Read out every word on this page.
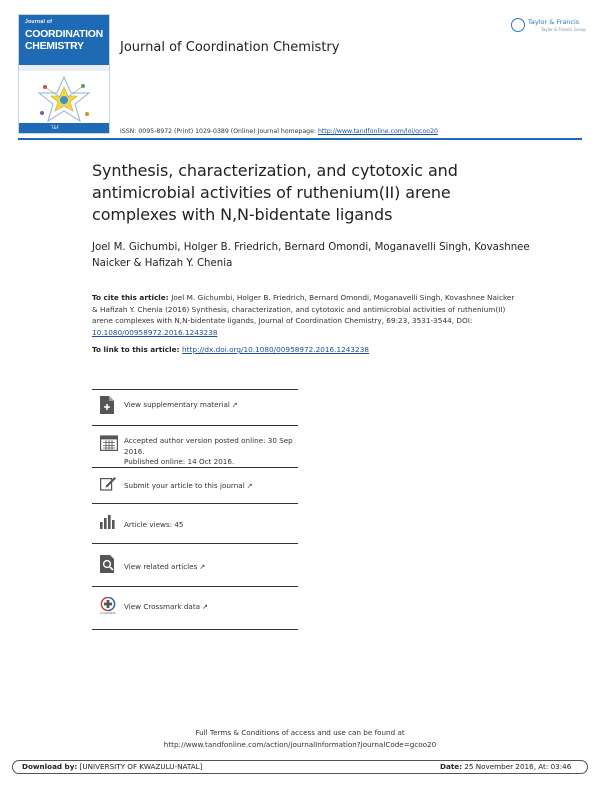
Journal of
COORDINATION
CHEMISTRY
T&F
Journal of Coordination Chemistry
Taylor & Francis
Taylor & Francis Group
ISSN: 0095-8972 (Print) 1029-0389 (Online) Journal homepage: http://www.tandfonline.com/loi/gcoo20
Synthesis, characterization, and cytotoxic and antimicrobial activities of ruthenium(II) arene complexes with N,N-bidentate ligands
Joel M. Gichumbi, Holger B. Friedrich, Bernard Omondi, Moganavelli Singh, Kovashnee Naicker & Hafizah Y. Chenia
To cite this article: Joel M. Gichumbi, Holger B. Friedrich, Bernard Omondi, Moganavelli Singh, Kovashnee Naicker & Hafizah Y. Chenia (2016) Synthesis, characterization, and cytotoxic and antimicrobial activities of ruthenium(II) arene complexes with N,N-bidentate ligands, Journal of Coordination Chemistry, 69:23, 3531-3544, DOI: 10.1080/00958972.2016.1243238
To link to this article: http://dx.doi.org/10.1080/00958972.2016.1243238
View supplementary material ↗
Accepted author version posted online: 30 Sep 2016.
Published online: 14 Oct 2016.
Submit your article to this journal ↗
Article views: 45
View related articles ↗
CrossMark
View Crossmark data ↗
Full Terms & Conditions of access and use can be found at
http://www.tandfonline.com/action/journalInformation?journalCode=gcoo20
Download by: [UNIVERSITY OF KWAZULU-NATAL]	Date: 25 November 2016, At: 03:46
